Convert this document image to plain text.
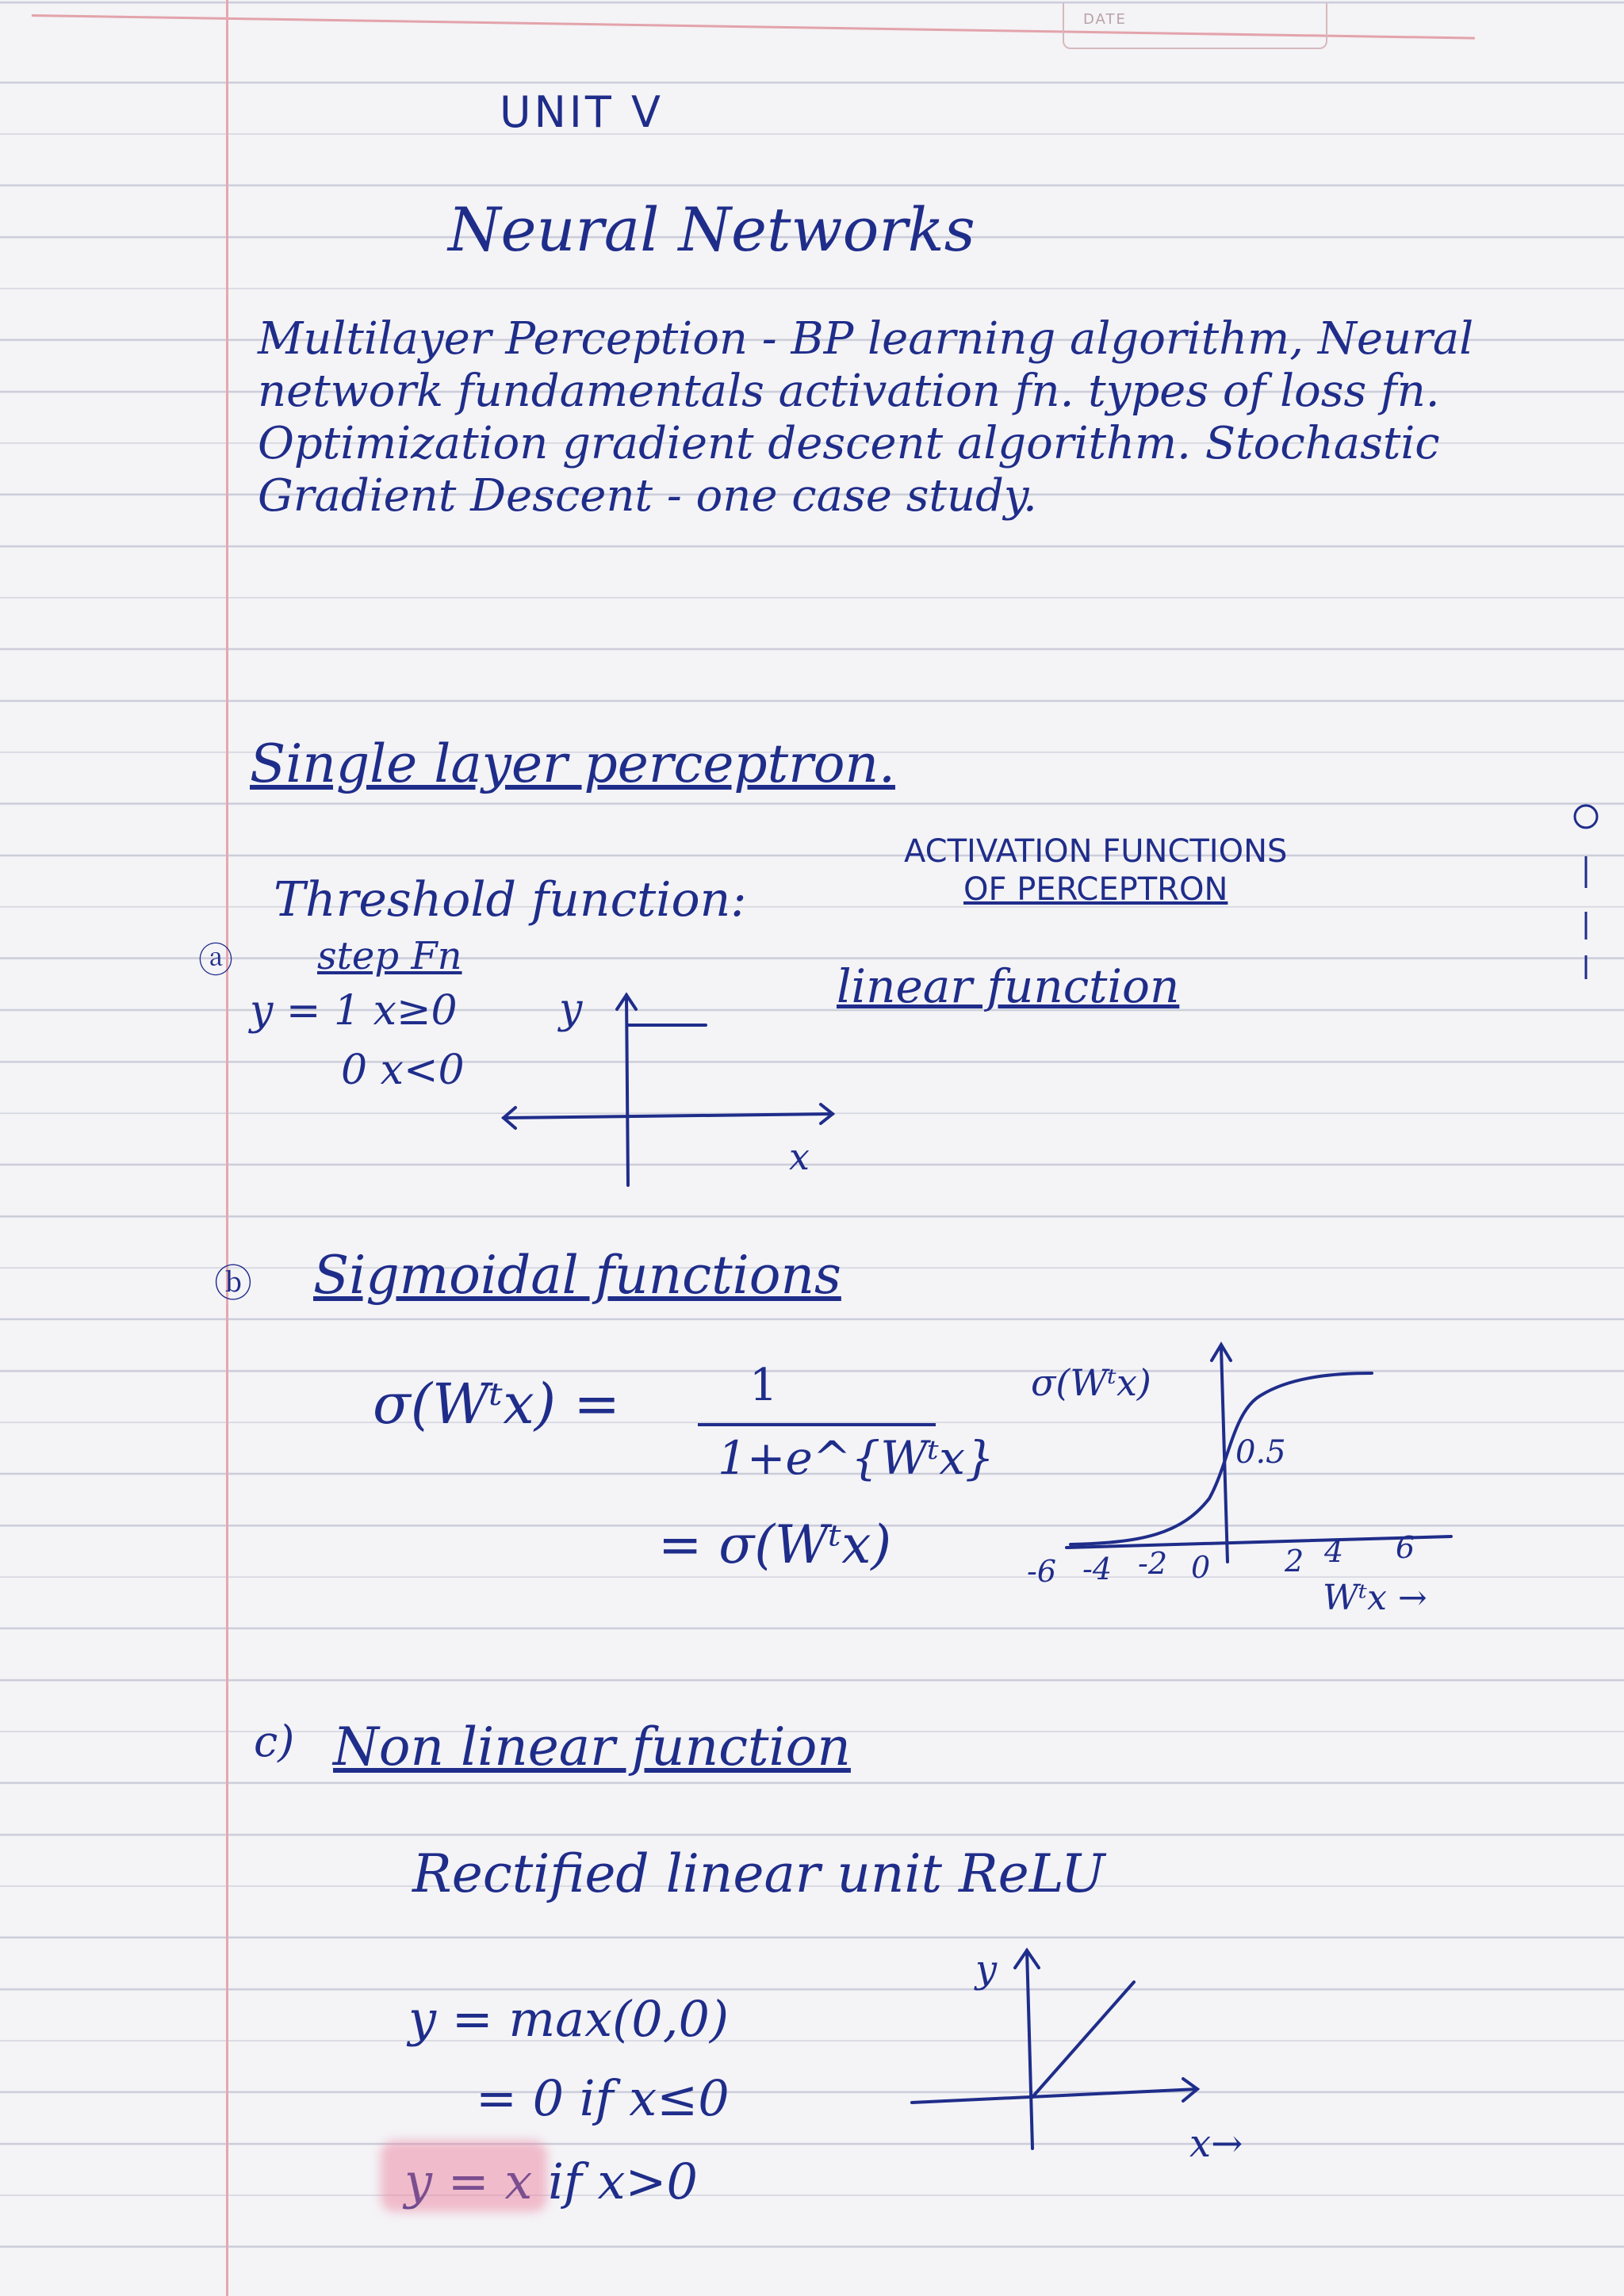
DATE
UNIT V
Neural Networks
Multilayer Perception - BP learning algorithm, Neural network fundamentals activation fn. types of loss fn. Optimization gradient descent algorithm. Stochastic Gradient Descent - one case study.
Single layer perceptron.
ACTIVATION FUNCTIONS
OF PERCEPTRON
Threshold function:
ⓐ step Fn
y = 1 x≥0
0 x<0
linear function
y
x
ⓑ Sigmoidal functions
σ(Wᵗx) =	1
1+e^{Wᵗx}
= σ(Wᵗx)
σ(Wᵗx)
0.5
-6 -4 -2 0 2 4 6
Wᵗx →
c) Non linear function
Rectified linear unit ReLU
y = max(0,0)
= 0 if x≤0
y = x if x>0
y
x→
